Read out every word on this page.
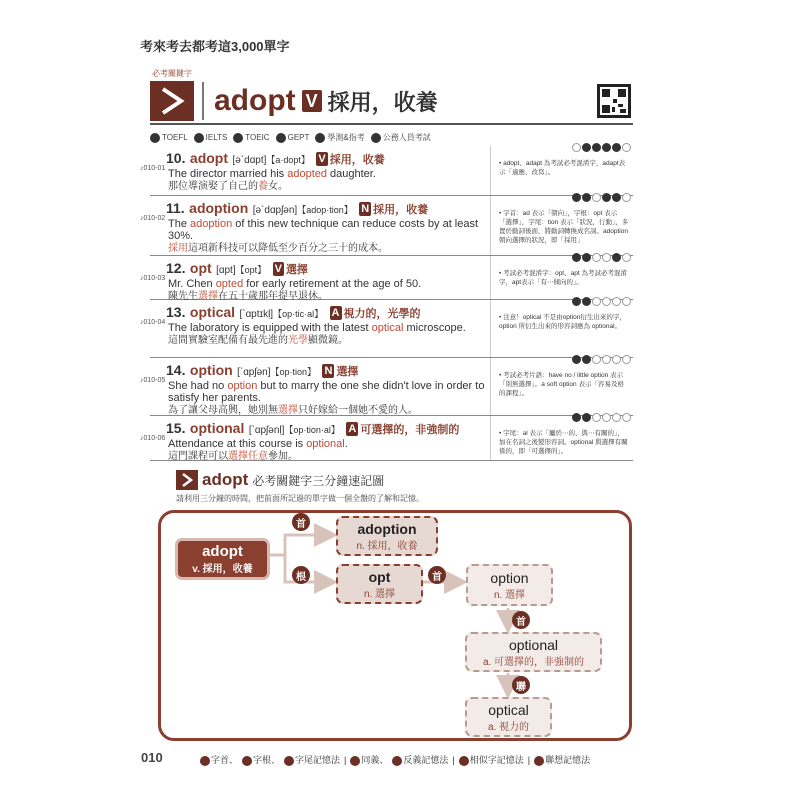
考來考去都考這3,000單字
必考關鍵字
adopt V 採用，收養
TOEFL IELTS TOEIC GEPT 學測&指考 公務人員考試
10. adopt [əˋdɑpt]【a·dopt】 V 採用，收養
♪010-01 The director married his adopted daughter.
那位導演娶了自己的養女。
• adopt、adapt 為考試必考混淆字，adapt表示「適應、改寫」。
11. adoption [əˋdɑpʃən]【adop·tion】 N 採用，收養
♪010-02 The adoption of this new technique can reduce costs by at least 30%.
採用這項新科技可以降低至少百分之三十的成本。
• 字首：ad 表示「朝向」，字根：opt 表示「選擇」，字尾：tion 表示「狀況，行動」，多置於動詞後面，將動詞轉換成名詞。adoption 朝向選擇的狀況，即「採用」
12. opt [ɑpt]【opt】 V 選擇
♪010-03 Mr. Chen opted for early retirement at the age of 50.
陳先生選擇在五十歲那年提早退休。
• 考試必考混淆字：opt、apt 為考試必考混淆字，apt表示「有⋯傾向的」。
13. optical [ˋɑptɪkḷ]【op·tic·al】 A 視力的，光學的
♪010-04 The laboratory is equipped with the latest optical microscope.
這間實驗室配備有最先進的光學顯微鏡。
• 注意！optical 不是由option衍生出來的字，option 所衍生出來的形容詞應為 optional。
14. option [ˋɑpʃən]【op·tion】 N 選擇
♪010-05 She had no option but to marry the one she didn't love in order to satisfy her parents.
為了讓父母高興，她別無選擇只好嫁給一個她不愛的人。
• 考試必考片語：have no / little option 表示「別無選擇」。a soft option 表示「容易及格的課程」。
15. optional [ˋɑpʃənḷ]【op·tion·al】 A 可選擇的，非強制的
♪010-06 Attendance at this course is optional.
這門課程可以選擇任意參加。
• 字尾：al 表示「屬於⋯的、與⋯有關的」，加在名詞之後變形容詞。optional 與選擇有關係的，即「可選擇的」。
adopt 必考關鍵字三分鐘速記圖
請利用三分鐘的時間，把前面所記過的單字做一個全盤的了解和記憶。
adopt
v. 採用，收養
adoption
n. 採用，收養
opt
n. 選擇
option
n. 選擇
optional
a. 可選擇的，非強制的
optical
a. 視力的
首
根	首
首
聯
010	字首、	字根、	字尾記憶法 |	同義、	反義記憶法 |	相似字記憶法 |	聯想記憶法
